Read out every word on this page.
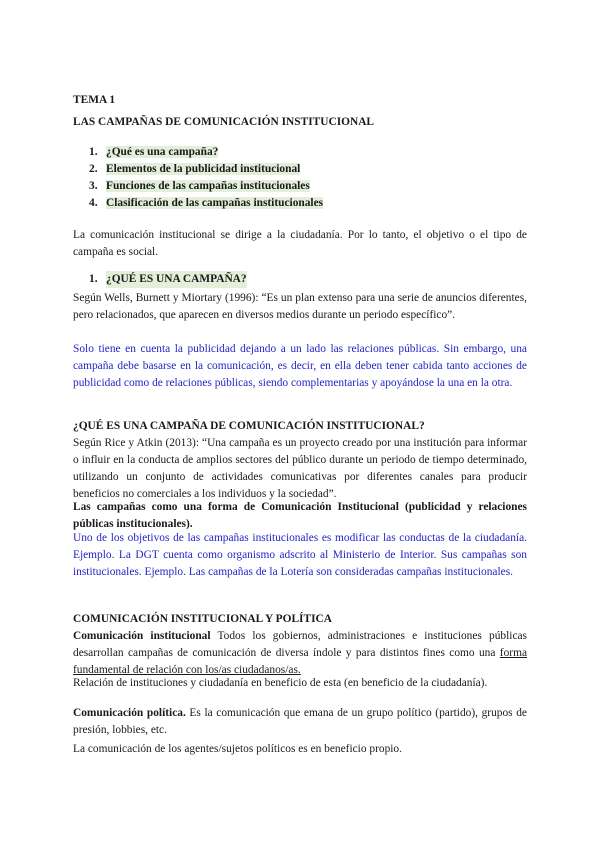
TEMA 1
LAS CAMPAÑAS DE COMUNICACIÓN INSTITUCIONAL
1. ¿Qué es una campaña?
2. Elementos de la publicidad institucional
3. Funciones de las campañas institucionales
4. Clasificación de las campañas institucionales

La comunicación institucional se dirige a la ciudadanía. Por lo tanto, el objetivo o el tipo de campaña es social.

1. ¿QUÉ ES UNA CAMPAÑA?

Según Wells, Burnett y Miortary (1996): “Es un plan extenso para una serie de anuncios diferentes, pero relacionados, que aparecen en diversos medios durante un periodo específico”.

Solo tiene en cuenta la publicidad dejando a un lado las relaciones públicas. Sin embargo, una campaña debe basarse en la comunicación, es decir, en ella deben tener cabida tanto acciones de publicidad como de relaciones públicas, siendo complementarias y apoyándose la una en la otra.

¿QUÉ ES UNA CAMPAÑA DE COMUNICACIÓN INSTITUCIONAL?

Según Rice y Atkin (2013): “Una campaña es un proyecto creado por una institución para informar o influir en la conducta de amplios sectores del público durante un periodo de tiempo determinado, utilizando un conjunto de actividades comunicativas por diferentes canales para producir beneficios no comerciales a los individuos y la sociedad”.

Las campañas como una forma de Comunicación Institucional (publicidad y relaciones públicas institucionales).

Uno de los objetivos de las campañas institucionales es modificar las conductas de la ciudadanía. Ejemplo. La DGT cuenta como organismo adscrito al Ministerio de Interior. Sus campañas son institucionales. Ejemplo. Las campañas de la Lotería son consideradas campañas institucionales.

COMUNICACIÓN INSTITUCIONAL Y POLÍTICA

Comunicación institucional Todos los gobiernos, administraciones e instituciones públicas desarrollan campañas de comunicación de diversa índole y para distintos fines como una forma fundamental de relación con los/as ciudadanos/as.

Relación de instituciones y ciudadanía en beneficio de esta (en beneficio de la ciudadanía).

Comunicación política. Es la comunicación que emana de un grupo político (partido), grupos de presión, lobbies, etc.

La comunicación de los agentes/sujetos políticos es en beneficio propio.
